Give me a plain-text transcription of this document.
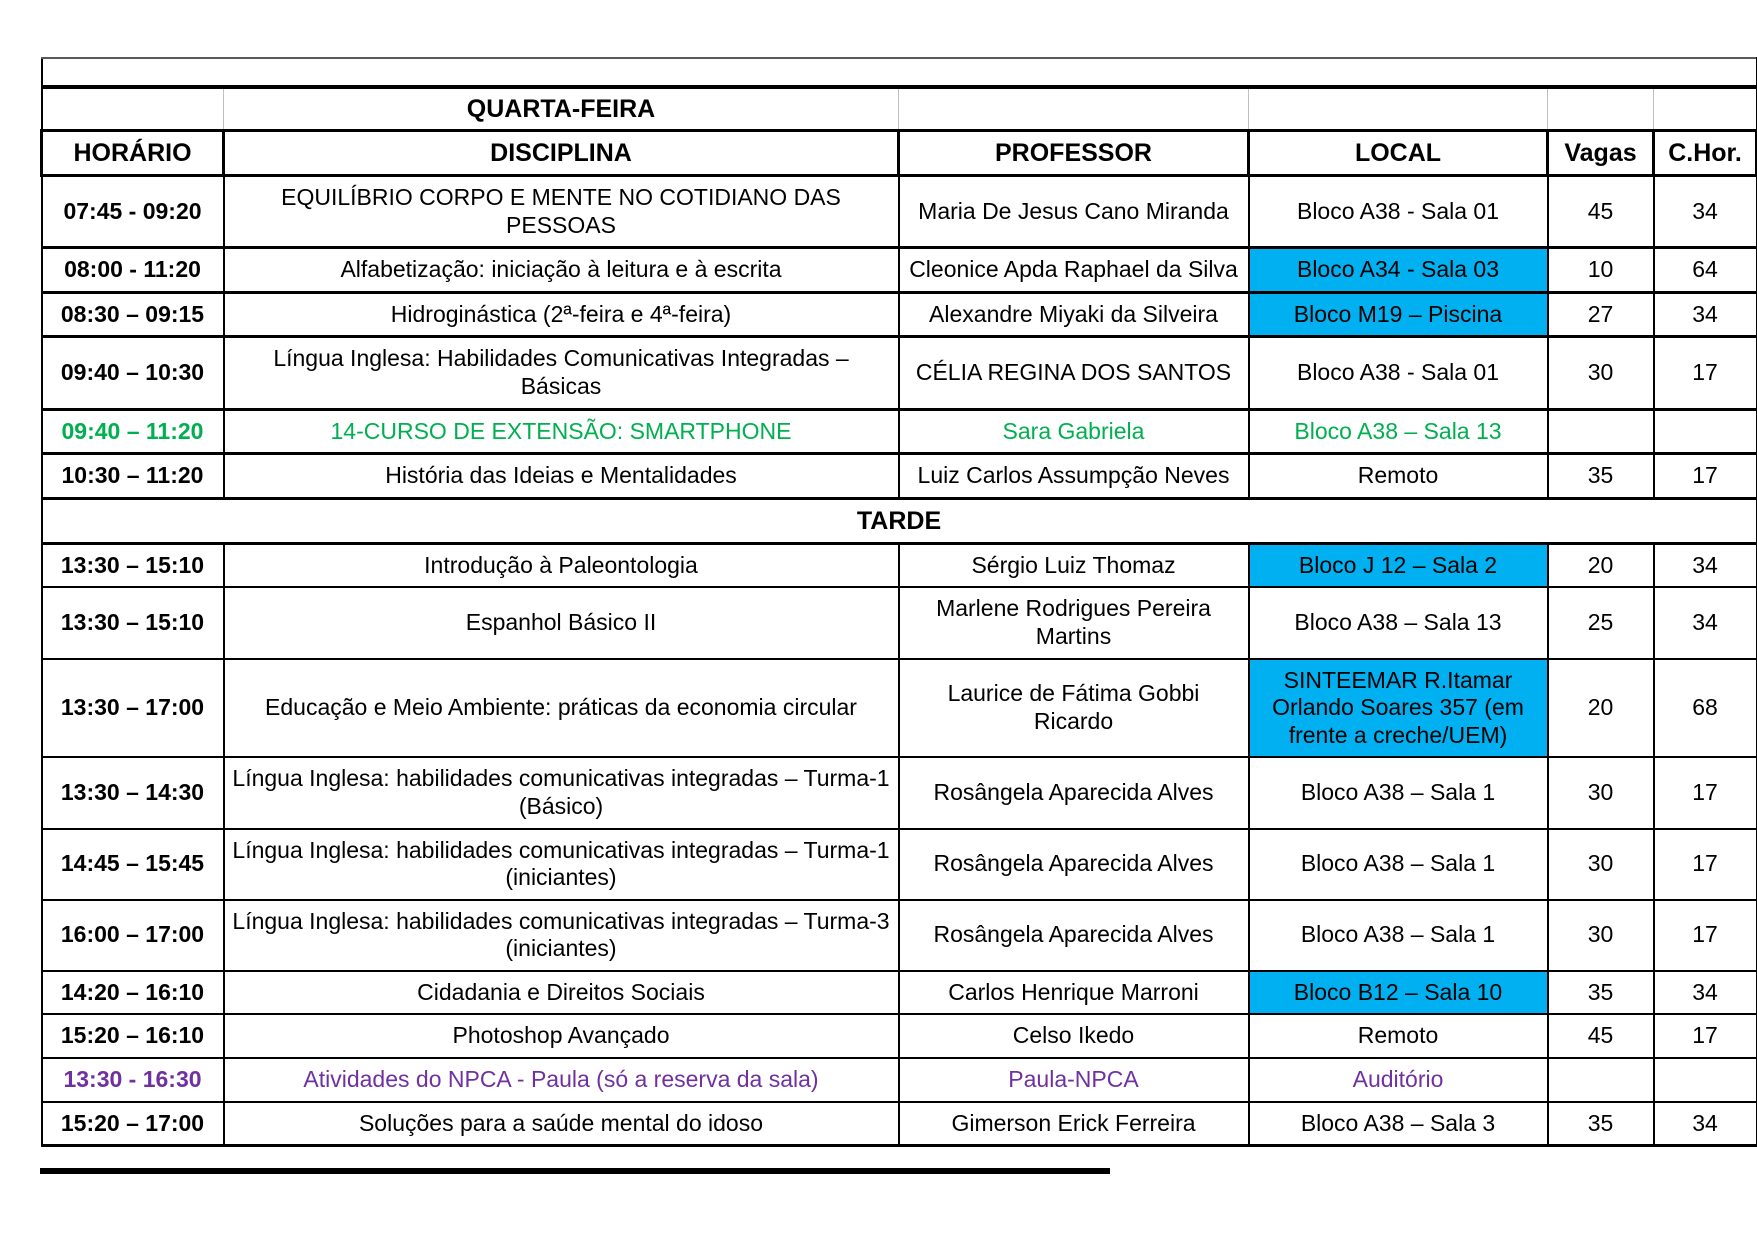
	QUARTA-FEIRA				
HORÁRIO	DISCIPLINA	PROFESSOR	LOCAL	Vagas	C.Hor.
07:45 - 09:20	EQUILÍBRIO CORPO E MENTE NO COTIDIANO DAS PESSOAS	Maria De Jesus Cano Miranda	Bloco A38 - Sala 01	45	34
08:00 - 11:20	Alfabetização: iniciação à leitura e à escrita	Cleonice Apda Raphael da Silva	Bloco A34 - Sala 03	10	64
08:30 – 09:15	Hidroginástica (2ª-feira e 4ª-feira)	Alexandre Miyaki da Silveira	Bloco M19 – Piscina	27	34
09:40 – 10:30	Língua Inglesa: Habilidades Comunicativas Integradas – Básicas	CÉLIA REGINA DOS SANTOS	Bloco A38 - Sala 01	30	17
09:40 – 11:20	14-CURSO DE EXTENSÃO: SMARTPHONE	Sara Gabriela	Bloco A38 – Sala 13		
10:30 – 11:20	História das Ideias e Mentalidades	Luiz Carlos Assumpção Neves	Remoto	35	17
TARDE					
13:30 – 15:10	Introdução à Paleontologia	Sérgio Luiz Thomaz	Bloco J 12 – Sala 2	20	34
13:30 – 15:10	Espanhol Básico II	Marlene Rodrigues Pereira Martins	Bloco A38 – Sala 13	25	34
13:30 – 17:00	Educação e Meio Ambiente: práticas da economia circular	Laurice de Fátima Gobbi Ricardo	SINTEEMAR R.Itamar Orlando Soares 357 (em frente a creche/UEM)	20	68
13:30 – 14:30	Língua Inglesa: habilidades comunicativas integradas – Turma-1 (Básico)	Rosângela Aparecida Alves	Bloco A38 – Sala 1	30	17
14:45 – 15:45	Língua Inglesa: habilidades comunicativas integradas – Turma-1 (iniciantes)	Rosângela Aparecida Alves	Bloco A38 – Sala 1	30	17
16:00 – 17:00	Língua Inglesa: habilidades comunicativas integradas – Turma-3 (iniciantes)	Rosângela Aparecida Alves	Bloco A38 – Sala 1	30	17
14:20 – 16:10	Cidadania e Direitos Sociais	Carlos Henrique Marroni	Bloco B12 – Sala 10	35	34
15:20 – 16:10	Photoshop Avançado	Celso Ikedo	Remoto	45	17
13:30 - 16:30	Atividades do NPCA - Paula (só a reserva da sala)	Paula-NPCA	Auditório		
15:20 – 17:00	Soluções para a saúde mental do idoso	Gimerson Erick Ferreira	Bloco A38 – Sala 3	35	34
